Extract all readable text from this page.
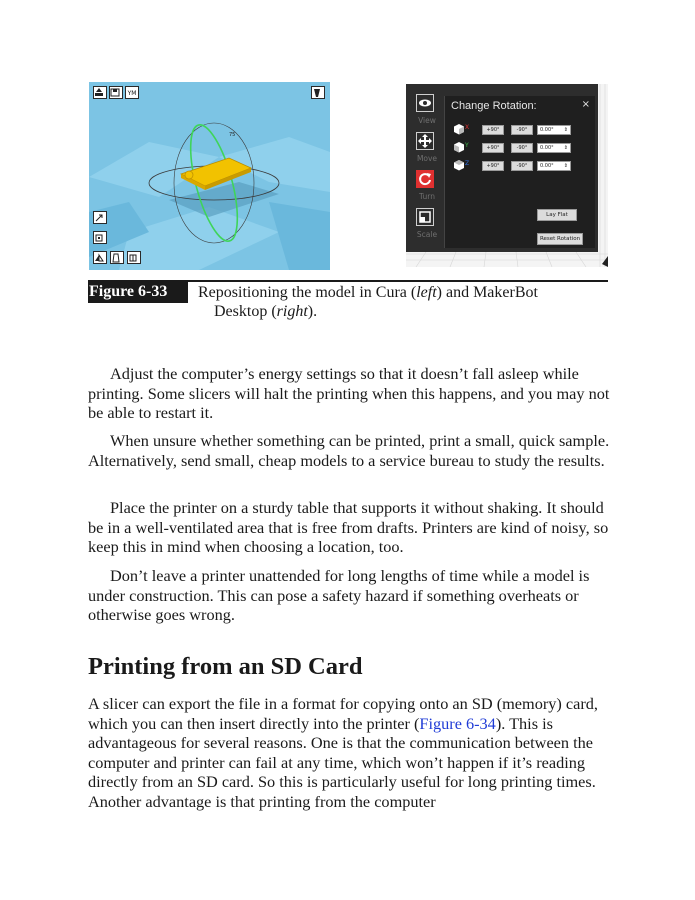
75
YM
View
Move
Turn
Scale
Change Rotation:	×
X	+90°	-90°	0.00° ⇕
Y	+90°	-90°	0.00° ⇕
Z	+90°	-90°	0.00° ⇕
Lay Flat
Reset Rotation
Figure 6-33	Repositioning the model in Cura (left) and MakerBot
Desktop (right).
Adjust the computer’s energy settings so that it doesn’t fall asleep while printing. Some slicers will halt the printing when this happens, and you may not be able to restart it.
When unsure whether something can be printed, print a small, quick sample. Alternatively, send small, cheap models to a service bureau to study the results.
Place the printer on a sturdy table that supports it without shaking. It should be in a well-ventilated area that is free from drafts. Printers are kind of noisy, so keep this in mind when choosing a location, too.
Don’t leave a printer unattended for long lengths of time while a model is under construction. This can pose a safety hazard if something overheats or otherwise goes wrong.
Printing from an SD Card
A slicer can export the file in a format for copying onto an SD (memory) card, which you can then insert directly into the printer (Figure 6-34). This is advantageous for several reasons. One is that the communication between the computer and printer can fail at any time, which won’t happen if it’s reading directly from an SD card. So this is particularly useful for long printing times. Another advantage is that printing from the computer
